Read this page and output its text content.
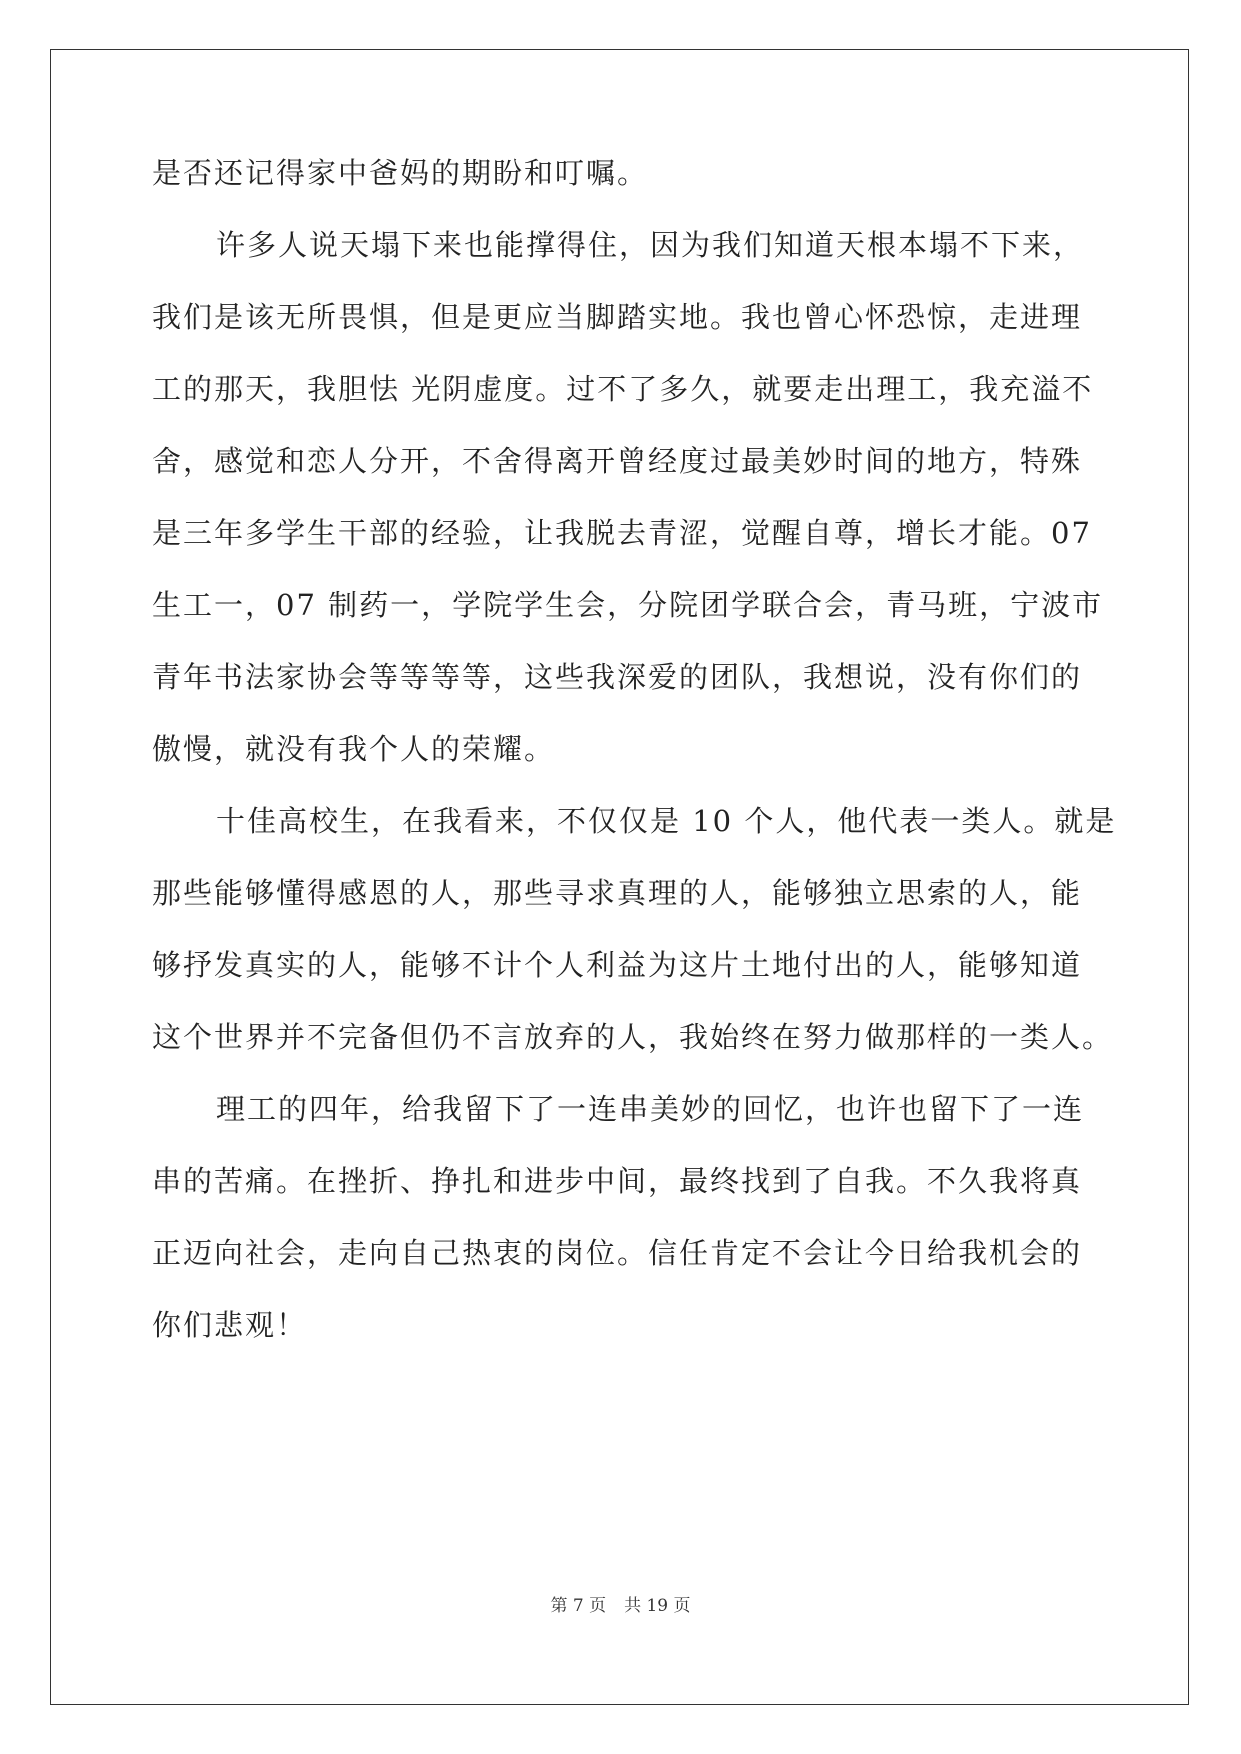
是否还记得家中爸妈的期盼和叮嘱。
许多人说天塌下来也能撑得住，因为我们知道天根本塌不下来，
我们是该无所畏惧，但是更应当脚踏实地。我也曾心怀恐惊，走进理
工的那天，我胆怯 光阴虚度。过不了多久，就要走出理工，我充溢不
舍，感觉和恋人分开，不舍得离开曾经度过最美妙时间的地方，特殊
是三年多学生干部的经验，让我脱去青涩，觉醒自尊，增长才能。07
生工一，07 制药一，学院学生会，分院团学联合会，青马班，宁波市
青年书法家协会等等等等，这些我深爱的团队，我想说，没有你们的
傲慢，就没有我个人的荣耀。
十佳高校生，在我看来，不仅仅是 10 个人，他代表一类人。就是
那些能够懂得感恩的人，那些寻求真理的人，能够独立思索的人，能
够抒发真实的人，能够不计个人利益为这片土地付出的人，能够知道
这个世界并不完备但仍不言放弃的人，我始终在努力做那样的一类人。
理工的四年，给我留下了一连串美妙的回忆，也许也留下了一连
串的苦痛。在挫折、挣扎和进步中间，最终找到了自我。不久我将真
正迈向社会，走向自己热衷的岗位。信任肯定不会让今日给我机会的
你们悲观！
第 7 页 共 19 页
